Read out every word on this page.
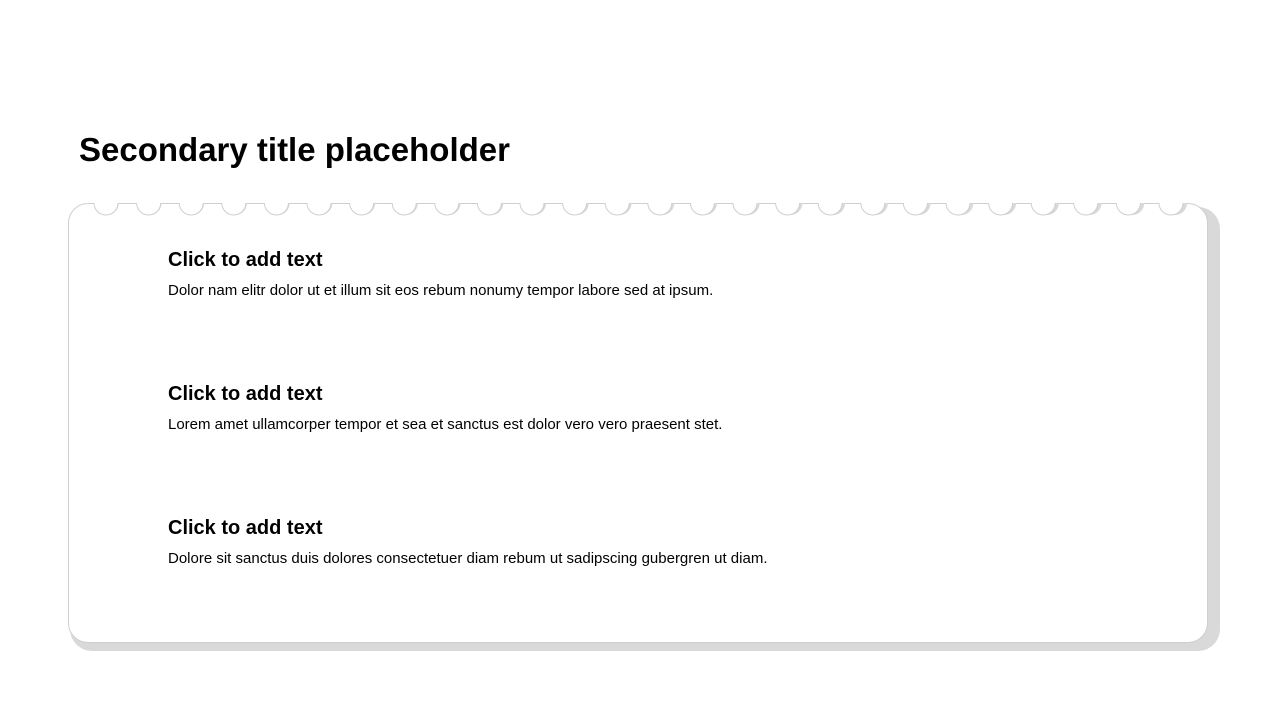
Secondary title placeholder

Click to add text

Dolor nam elitr dolor ut et illum sit eos rebum nonumy tempor labore sed at ipsum.

Click to add text

Lorem amet ullamcorper tempor et sea et sanctus est dolor vero vero praesent stet.

Click to add text

Dolore sit sanctus duis dolores consectetuer diam rebum ut sadipscing gubergren ut diam.
